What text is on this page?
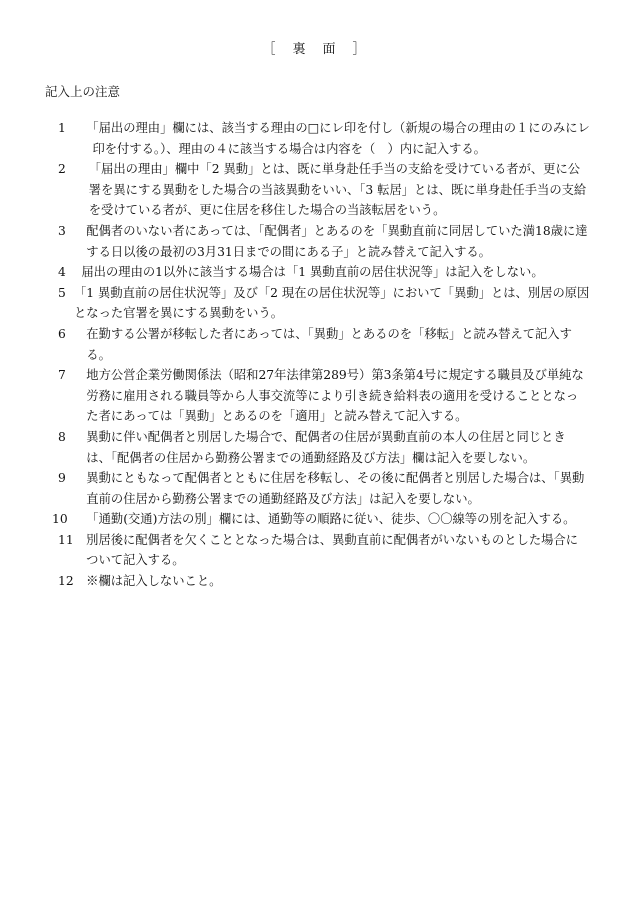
［　裏　面　］
記入上の注意
1	「届出の理由」欄には、該当する理由の□にレ印を付し（新規の場合の理由の１にのみにレ印を付する。）、理由の４に該当する場合は内容を（　）内に記入する。
2	「届出の理由」欄中「2 異動」とは、既に単身赴任手当の支給を受けている者が、更に公署を異にする異動をした場合の当該異動をいい、「3 転居」とは、既に単身赴任手当の支給を受けている者が、更に住居を移住した場合の当該転居をいう。
3	配偶者のいない者にあっては、「配偶者」とあるのを「異動直前に同居していた満18歳に達する日以後の最初の3月31日までの間にある子」と読み替えて記入する。
4	届出の理由の1以外に該当する場合は「1 異動直前の居住状況等」は記入をしない。
5 「1 異動直前の居住状況等」及び「2 現在の居住状況等」において「異動」とは、別居の原因となった官署を異にする異動をいう。
6	在勤する公署が移転した者にあっては、「異動」とあるのを「移転」と読み替えて記入する。
7	地方公営企業労働関係法（昭和27年法律第289号）第3条第4号に規定する職員及び単純な労務に雇用される職員等から人事交流等により引き続き給料表の適用を受けることとなった者にあっては「異動」とあるのを「適用」と読み替えて記入する。
8	異動に伴い配偶者と別居した場合で、配偶者の住居が異動直前の本人の住居と同じときは、「配偶者の住居から勤務公署までの通勤経路及び方法」欄は記入を要しない。
9	異動にともなって配偶者とともに住居を移転し、その後に配偶者と別居した場合は、「異動直前の住居から勤務公署までの通勤経路及び方法」は記入を要しない。
10	「通勤(交通)方法の別」欄には、通勤等の順路に従い、徒歩、〇〇線等の別を記入する。
11	別居後に配偶者を欠くこととなった場合は、異動直前に配偶者がいないものとした場合について記入する。
12	※欄は記入しないこと。
